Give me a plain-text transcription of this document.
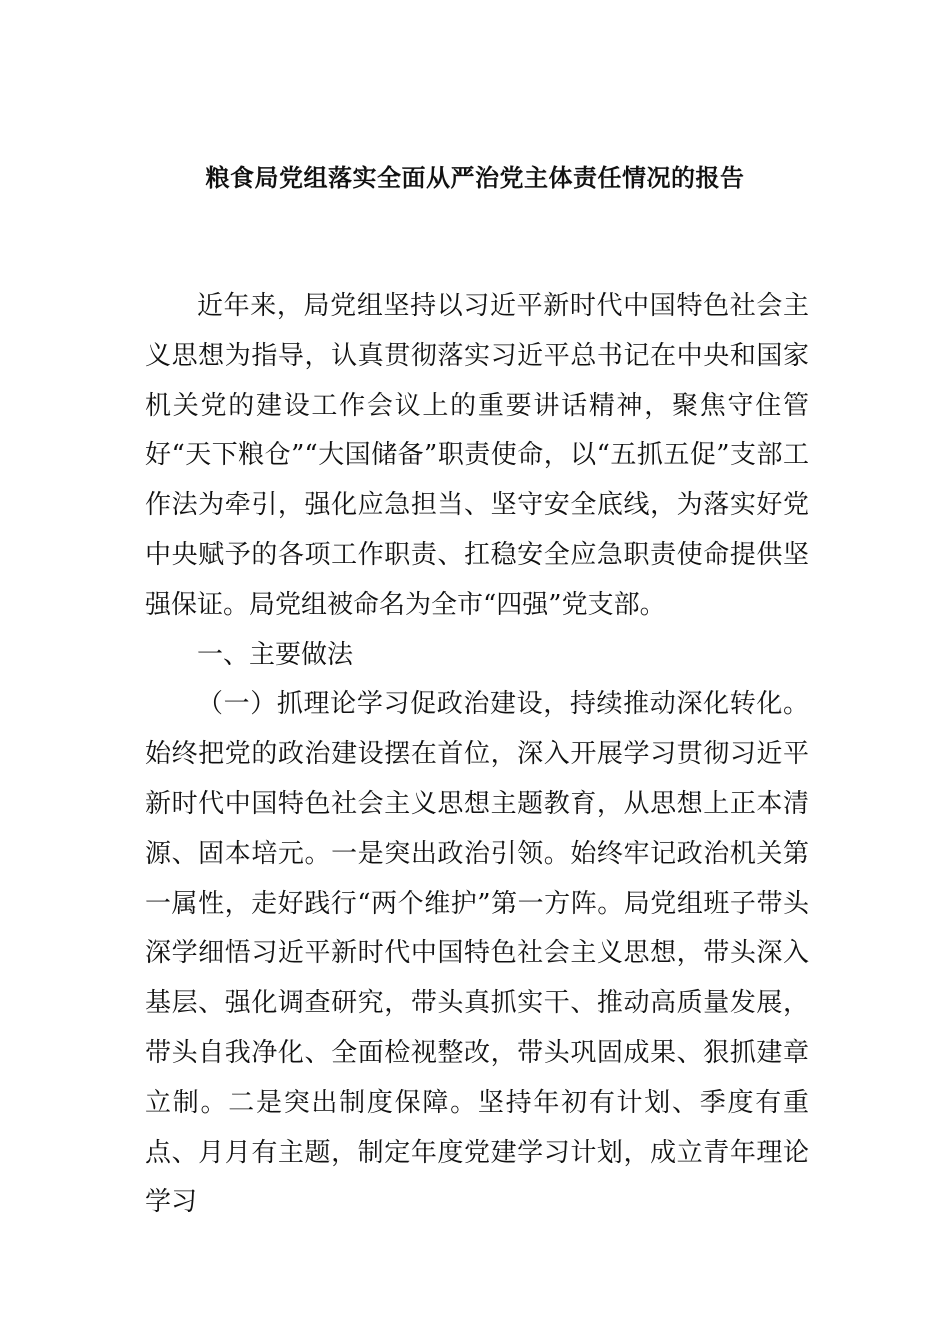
粮食局党组落实全面从严治党主体责任情况的报告

近年来，局党组坚持以习近平新时代中国特色社会主义思想为指导，认真贯彻落实习近平总书记在中央和国家机关党的建设工作会议上的重要讲话精神，聚焦守住管好“天下粮仓”“大国储备”职责使命，以“五抓五促”支部工作法为牵引，强化应急担当、坚守安全底线，为落实好党中央赋予的各项工作职责、扛稳安全应急职责使命提供坚强保证。局党组被命名为全市“四强”党支部。

一、主要做法

（一）抓理论学习促政治建设，持续推动深化转化。始终把党的政治建设摆在首位，深入开展学习贯彻习近平新时代中国特色社会主义思想主题教育，从思想上正本清源、固本培元。一是突出政治引领。始终牢记政治机关第一属性，走好践行“两个维护”第一方阵。局党组班子带头深学细悟习近平新时代中国特色社会主义思想，带头深入基层、强化调查研究，带头真抓实干、推动高质量发展，带头自我净化、全面检视整改，带头巩固成果、狠抓建章立制。二是突出制度保障。坚持年初有计划、季度有重点、月月有主题，制定年度党建学习计划，成立青年理论学习
